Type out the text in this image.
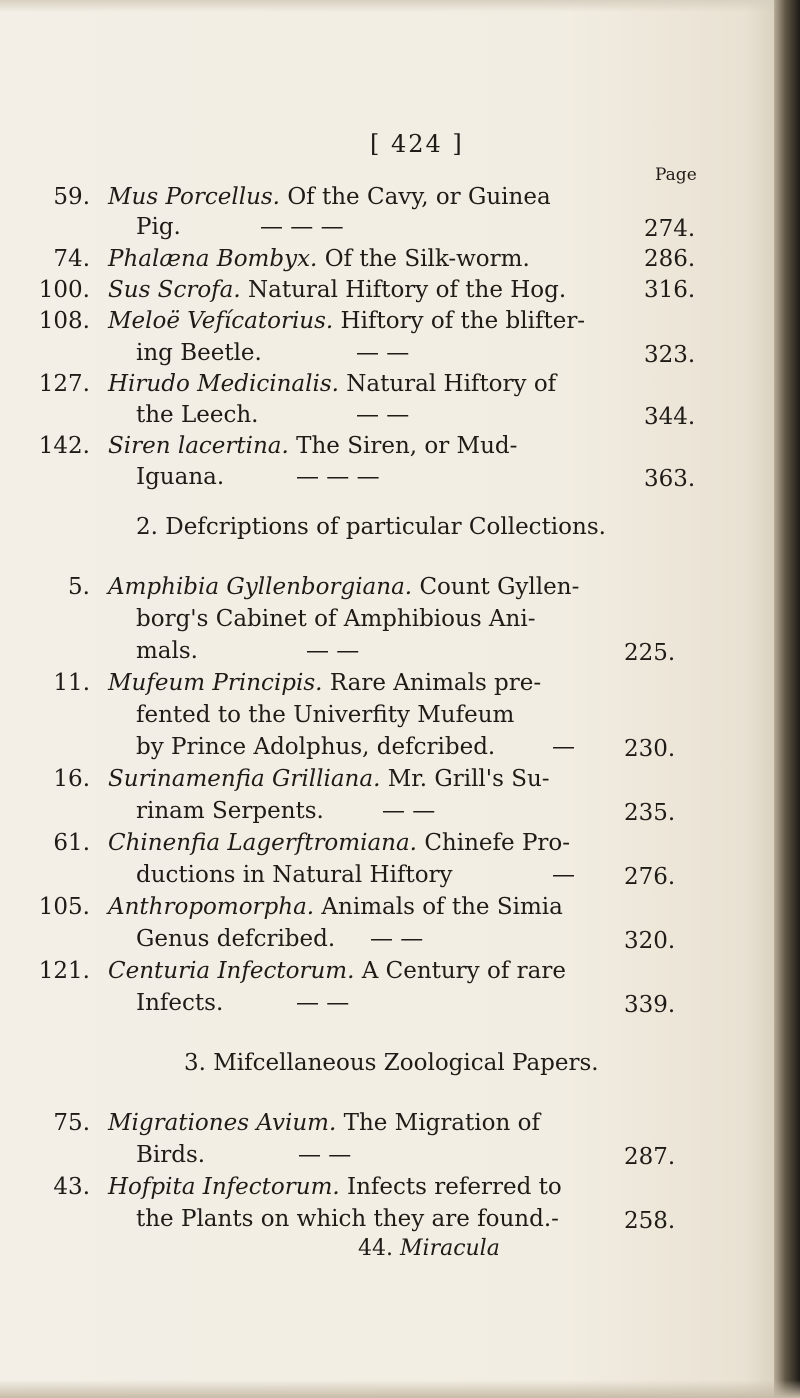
[ 424 ]
Page
59. Mus Porcellus. Of the Cavy, or Guinea
Pig.	— — —	274.
74. Phalæna Bombyx. Of the Silk-worm.	286.
100. Sus Scrofa. Natural Hiftory of the Hog.	316.
108. Meloë Vefícatorius. Hiftory of the blifter-
ing Beetle.	— —	323.
127. Hirudo Medicinalis. Natural Hiftory of
the Leech.	— —	344.
142. Siren lacertina. The Siren, or Mud-
Iguana.	— — —	363.
2. Defcriptions of particular Collections.
5. Amphibia Gyllenborgiana. Count Gyllen-
borg's Cabinet of Amphibious Ani-
mals.	— —	225.
11. Mufeum Principis. Rare Animals pre-
fented to the Univerfity Mufeum
by Prince Adolphus, defcribed. — 230.
16. Surinamenfia Grilliana. Mr. Grill's Su-
rinam Serpents.	— —	235.
61. Chinenfia Lagerftromiana. Chinefe Pro-
ductions in Natural Hiftory	— 276.
105. Anthropomorpha. Animals of the Simia
Genus defcribed. — —	320.
121. Centuria Infectorum. A Century of rare
Infects.	— —	339.
3. Mifcellaneous Zoological Papers.
75. Migrationes Avium. The Migration of
Birds.	— —	287.
43. Hofpita Infectorum. Infects referred to
the Plants on which they are found.-	258.
44. Miracula
